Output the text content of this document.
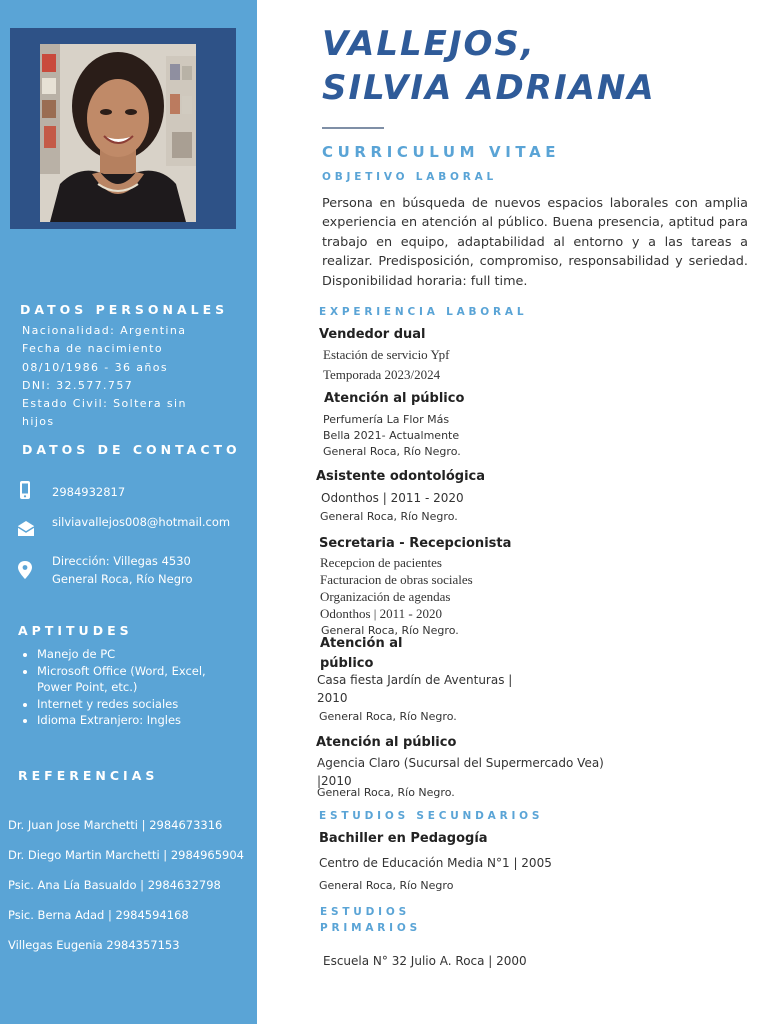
DATOS PERSONALES
Nacionalidad: Argentina
Fecha de nacimiento
08/10/1986 - 36 años
DNI: 32.577.757
Estado Civil: Soltera sin
hijos
DATOS DE CONTACTO
2984932817
silviavallejos008@hotmail.com
Dirección: Villegas 4530
General Roca, Río Negro
APTITUDES
Manejo de PC
Microsoft Office (Word, Excel,
Power Point, etc.)
Internet y redes sociales
Idioma Extranjero: Ingles
REFERENCIAS
Dr. Juan Jose Marchetti | 2984673316
Dr. Diego Martin Marchetti | 2984965904
Psic. Ana Lía Basualdo | 2984632798
Psic. Berna Adad | 2984594168
Villegas Eugenia 2984357153
VALLEJOS,
SILVIA ADRIANA
CURRICULUM VITAE
OBJETIVO LABORAL
Persona en búsqueda de nuevos espacios laborales con amplia experiencia en atención al público. Buena presencia, aptitud para trabajo en equipo, adaptabilidad al entorno y a las tareas a realizar. Predisposición, compromiso, responsabilidad y seriedad. Disponibilidad horaria: full time.
EXPERIENCIA LABORAL
Vendedor dual
Estación de servicio Ypf
Temporada 2023/2024
Atención al público
Perfumería La Flor Más
Bella 2021- Actualmente
General Roca, Río Negro.
Asistente odontológica
Odonthos | 2011 - 2020
General Roca, Río Negro.
Secretaria - Recepcionista
Recepcion de pacientes
Facturacion de obras sociales
Organización de agendas
Odonthos | 2011 - 2020
General Roca, Río Negro.
Atención al
público
Casa fiesta Jardín de Aventuras |
2010
General Roca, Río Negro.
Atención al público
Agencia Claro (Sucursal del Supermercado Vea)
|2010
General Roca, Río Negro.
ESTUDIOS SECUNDARIOS
Bachiller en Pedagogía
Centro de Educación Media N°1 | 2005
General Roca, Río Negro
ESTUDIOS
PRIMARIOS
Escuela N° 32 Julio A. Roca | 2000
